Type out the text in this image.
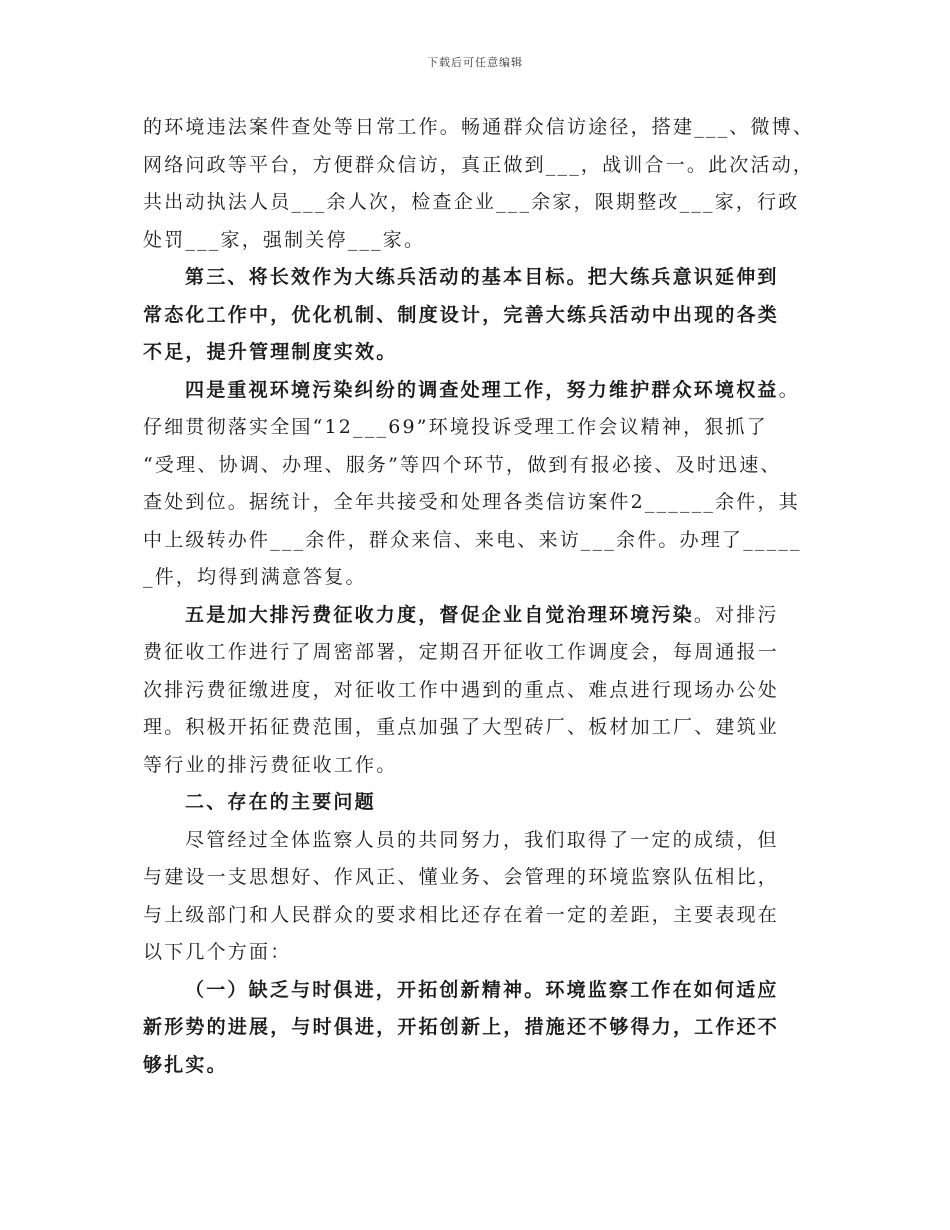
下载后可任意编辑
的环境违法案件查处等日常工作。畅通群众信访途径，搭建___、微博、
网络问政等平台，方便群众信访，真正做到___，战训合一。此次活动，
共出动执法人员___余人次，检查企业___余家，限期整改___家，行政
处罚___家，强制关停___家。
第三、将长效作为大练兵活动的基本目标。把大练兵意识延伸到
常态化工作中，优化机制、制度设计，完善大练兵活动中出现的各类
不足，提升管理制度实效。
四是重视环境污染纠纷的调查处理工作，努力维护群众环境权益。
仔细贯彻落实全国“12___69”环境投诉受理工作会议精神，狠抓了
“受理、协调、办理、服务”等四个环节，做到有报必接、及时迅速、
查处到位。据统计，全年共接受和处理各类信访案件2______余件，其
中上级转办件___余件，群众来信、来电、来访___余件。办理了_____
_件，均得到满意答复。
五是加大排污费征收力度，督促企业自觉治理环境污染。对排污
费征收工作进行了周密部署，定期召开征收工作调度会，每周通报一
次排污费征缴进度，对征收工作中遇到的重点、难点进行现场办公处
理。积极开拓征费范围，重点加强了大型砖厂、板材加工厂、建筑业
等行业的排污费征收工作。
二、存在的主要问题
尽管经过全体监察人员的共同努力，我们取得了一定的成绩，但
与建设一支思想好、作风正、懂业务、会管理的环境监察队伍相比，
与上级部门和人民群众的要求相比还存在着一定的差距，主要表现在
以下几个方面：
（一）缺乏与时俱进，开拓创新精神。环境监察工作在如何适应
新形势的进展，与时俱进，开拓创新上，措施还不够得力，工作还不
够扎实。
